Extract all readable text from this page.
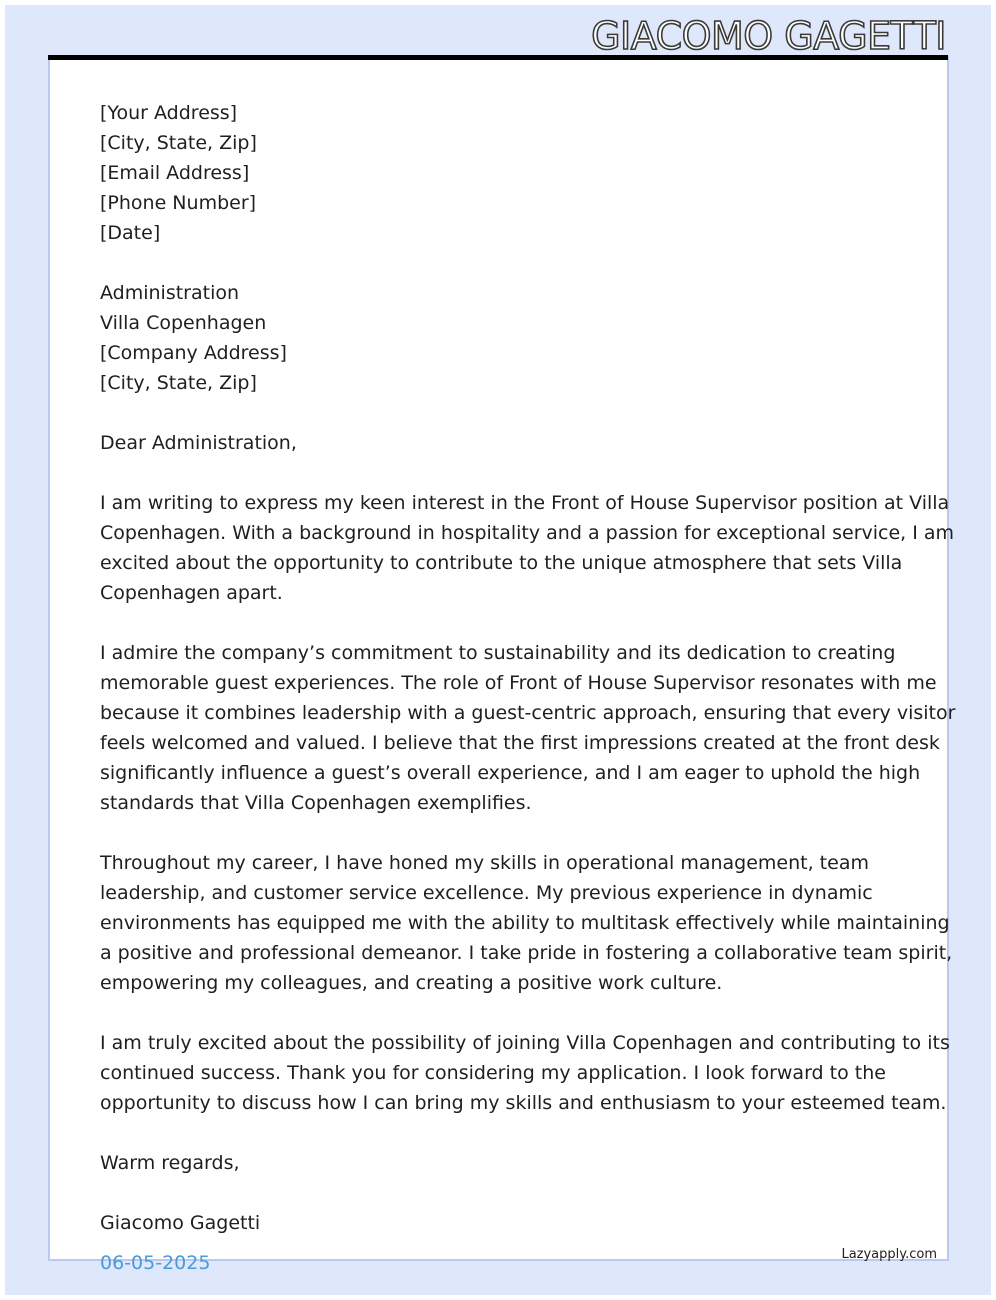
GIACOMO GAGETTI
[Your Address]
[City, State, Zip]
[Email Address]
[Phone Number]
[Date]
Administration
Villa Copenhagen
[Company Address]
[City, State, Zip]
Dear Administration,
I am writing to express my keen interest in the Front of House Supervisor position at Villa
Copenhagen. With a background in hospitality and a passion for exceptional service, I am
excited about the opportunity to contribute to the unique atmosphere that sets Villa
Copenhagen apart.
I admire the company’s commitment to sustainability and its dedication to creating
memorable guest experiences. The role of Front of House Supervisor resonates with me
because it combines leadership with a guest-centric approach, ensuring that every visitor
feels welcomed and valued. I believe that the first impressions created at the front desk
significantly influence a guest’s overall experience, and I am eager to uphold the high
standards that Villa Copenhagen exemplifies.
Throughout my career, I have honed my skills in operational management, team
leadership, and customer service excellence. My previous experience in dynamic
environments has equipped me with the ability to multitask effectively while maintaining
a positive and professional demeanor. I take pride in fostering a collaborative team spirit,
empowering my colleagues, and creating a positive work culture.
I am truly excited about the possibility of joining Villa Copenhagen and contributing to its
continued success. Thank you for considering my application. I look forward to the
opportunity to discuss how I can bring my skills and enthusiasm to your esteemed team.
Warm regards,
Giacomo Gagetti
06-05-2025	Lazyapply.com
